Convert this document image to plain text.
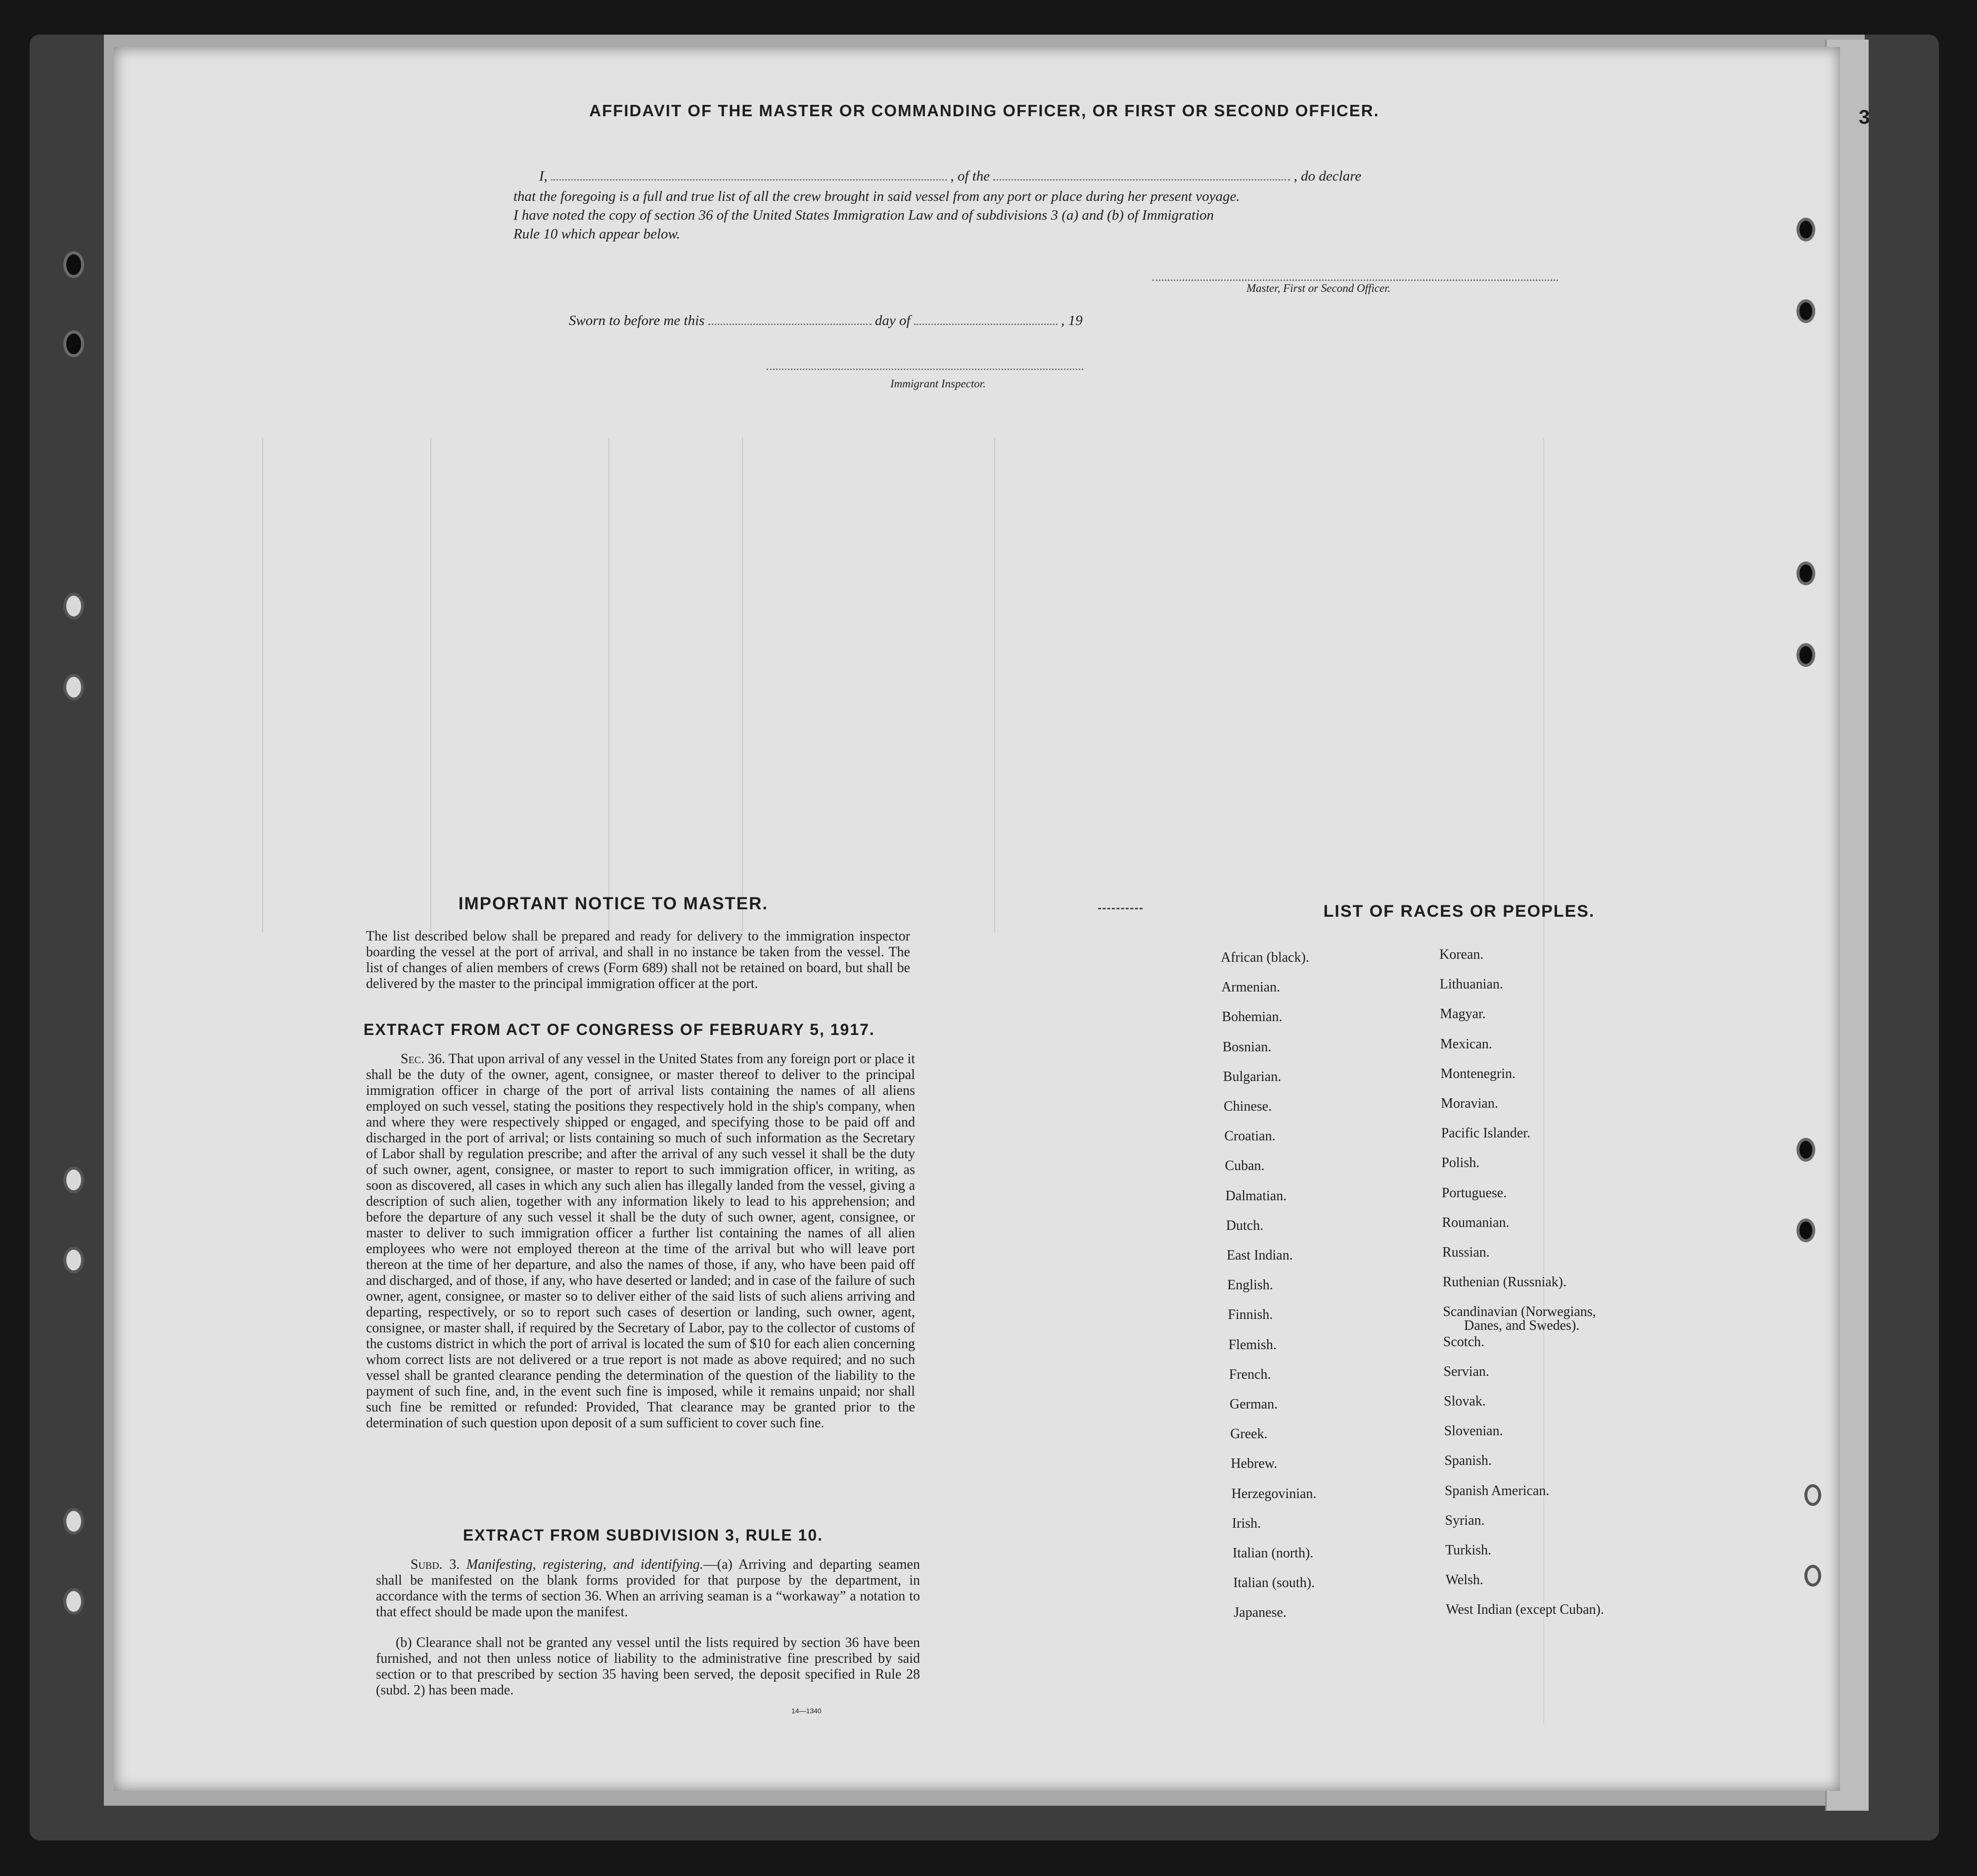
3
AFFIDAVIT OF THE MASTER OR COMMANDING OFFICER, OR FIRST OR SECOND OFFICER.
I,	, of the	, do declare
that the foregoing is a full and true list of all the crew brought in said vessel from any port or place during her present voyage.
I have noted the copy of section 36 of the United States Immigration Law and of subdivisions 3 (a) and (b) of Immigration
Rule 10 which appear below.
Master, First or Second Officer.
Sworn to before me this	day of	, 19
Immigrant Inspector.
IMPORTANT NOTICE TO MASTER.
The list described below shall be prepared and ready for delivery to the immigration inspector boarding the vessel at the port of arrival, and shall in no instance be taken from the vessel. The list of changes of alien members of crews (Form 689) shall not be retained on board, but shall be delivered by the master to the principal immigration officer at the port.
EXTRACT FROM ACT OF CONGRESS OF FEBRUARY 5, 1917.
Sec. 36. That upon arrival of any vessel in the United States from any foreign port or place it shall be the duty of the owner, agent, consignee, or master thereof to deliver to the principal immigration officer in charge of the port of arrival lists containing the names of all aliens employed on such vessel, stating the positions they respectively hold in the ship's company, when and where they were respectively shipped or engaged, and specifying those to be paid off and discharged in the port of arrival; or lists containing so much of such information as the Secretary of Labor shall by regulation prescribe; and after the arrival of any such vessel it shall be the duty of such owner, agent, consignee, or master to report to such immigration officer, in writing, as soon as discovered, all cases in which any such alien has illegally landed from the vessel, giving a description of such alien, together with any information likely to lead to his apprehension; and before the departure of any such vessel it shall be the duty of such owner, agent, consignee, or master to deliver to such immigration officer a further list containing the names of all alien employees who were not employed thereon at the time of the arrival but who will leave port thereon at the time of her departure, and also the names of those, if any, who have been paid off and discharged, and of those, if any, who have deserted or landed; and in case of the failure of such owner, agent, consignee, or master so to deliver either of the said lists of such aliens arriving and departing, respectively, or so to report such cases of desertion or landing, such owner, agent, consignee, or master shall, if required by the Secretary of Labor, pay to the collector of customs of the customs district in which the port of arrival is located the sum of $10 for each alien concerning whom correct lists are not delivered or a true report is not made as above required; and no such vessel shall be granted clearance pending the determination of the question of the liability to the payment of such fine, and, in the event such fine is imposed, while it remains unpaid; nor shall such fine be remitted or refunded: Provided, That clearance may be granted prior to the determination of such question upon deposit of a sum sufficient to cover such fine.
EXTRACT FROM SUBDIVISION 3, RULE 10.
Subd. 3. Manifesting, registering, and identifying.—(a) Arriving and departing seamen shall be manifested on the blank forms provided for that purpose by the department, in accordance with the terms of section 36. When an arriving seaman is a “workaway” a notation to that effect should be made upon the manifest.
(b) Clearance shall not be granted any vessel until the lists required by section 36 have been furnished, and not then unless notice of liability to the administrative fine prescribed by said section or to that prescribed by section 35 having been served, the deposit specified in Rule 28 (subd. 2) has been made.
14—1340
LIST OF RACES OR PEOPLES.
African (black).
Armenian.
Bohemian.
Bosnian.
Bulgarian.
Chinese.
Croatian.
Cuban.
Dalmatian.
Dutch.
East Indian.
English.
Finnish.
Flemish.
French.
German.
Greek.
Hebrew.
Herzegovinian.
Irish.
Italian (north).
Italian (south).
Japanese.
Korean.
Lithuanian.
Magyar.
Mexican.
Montenegrin.
Moravian.
Pacific Islander.
Polish.
Portuguese.
Roumanian.
Russian.
Ruthenian (Russniak).
Scandinavian (Norwegians,
Scotch.
Servian.
Slovak.
Slovenian.
Spanish.
Spanish American.
Syrian.
Turkish.
Welsh.
West Indian (except Cuban).
Danes, and Swedes).
